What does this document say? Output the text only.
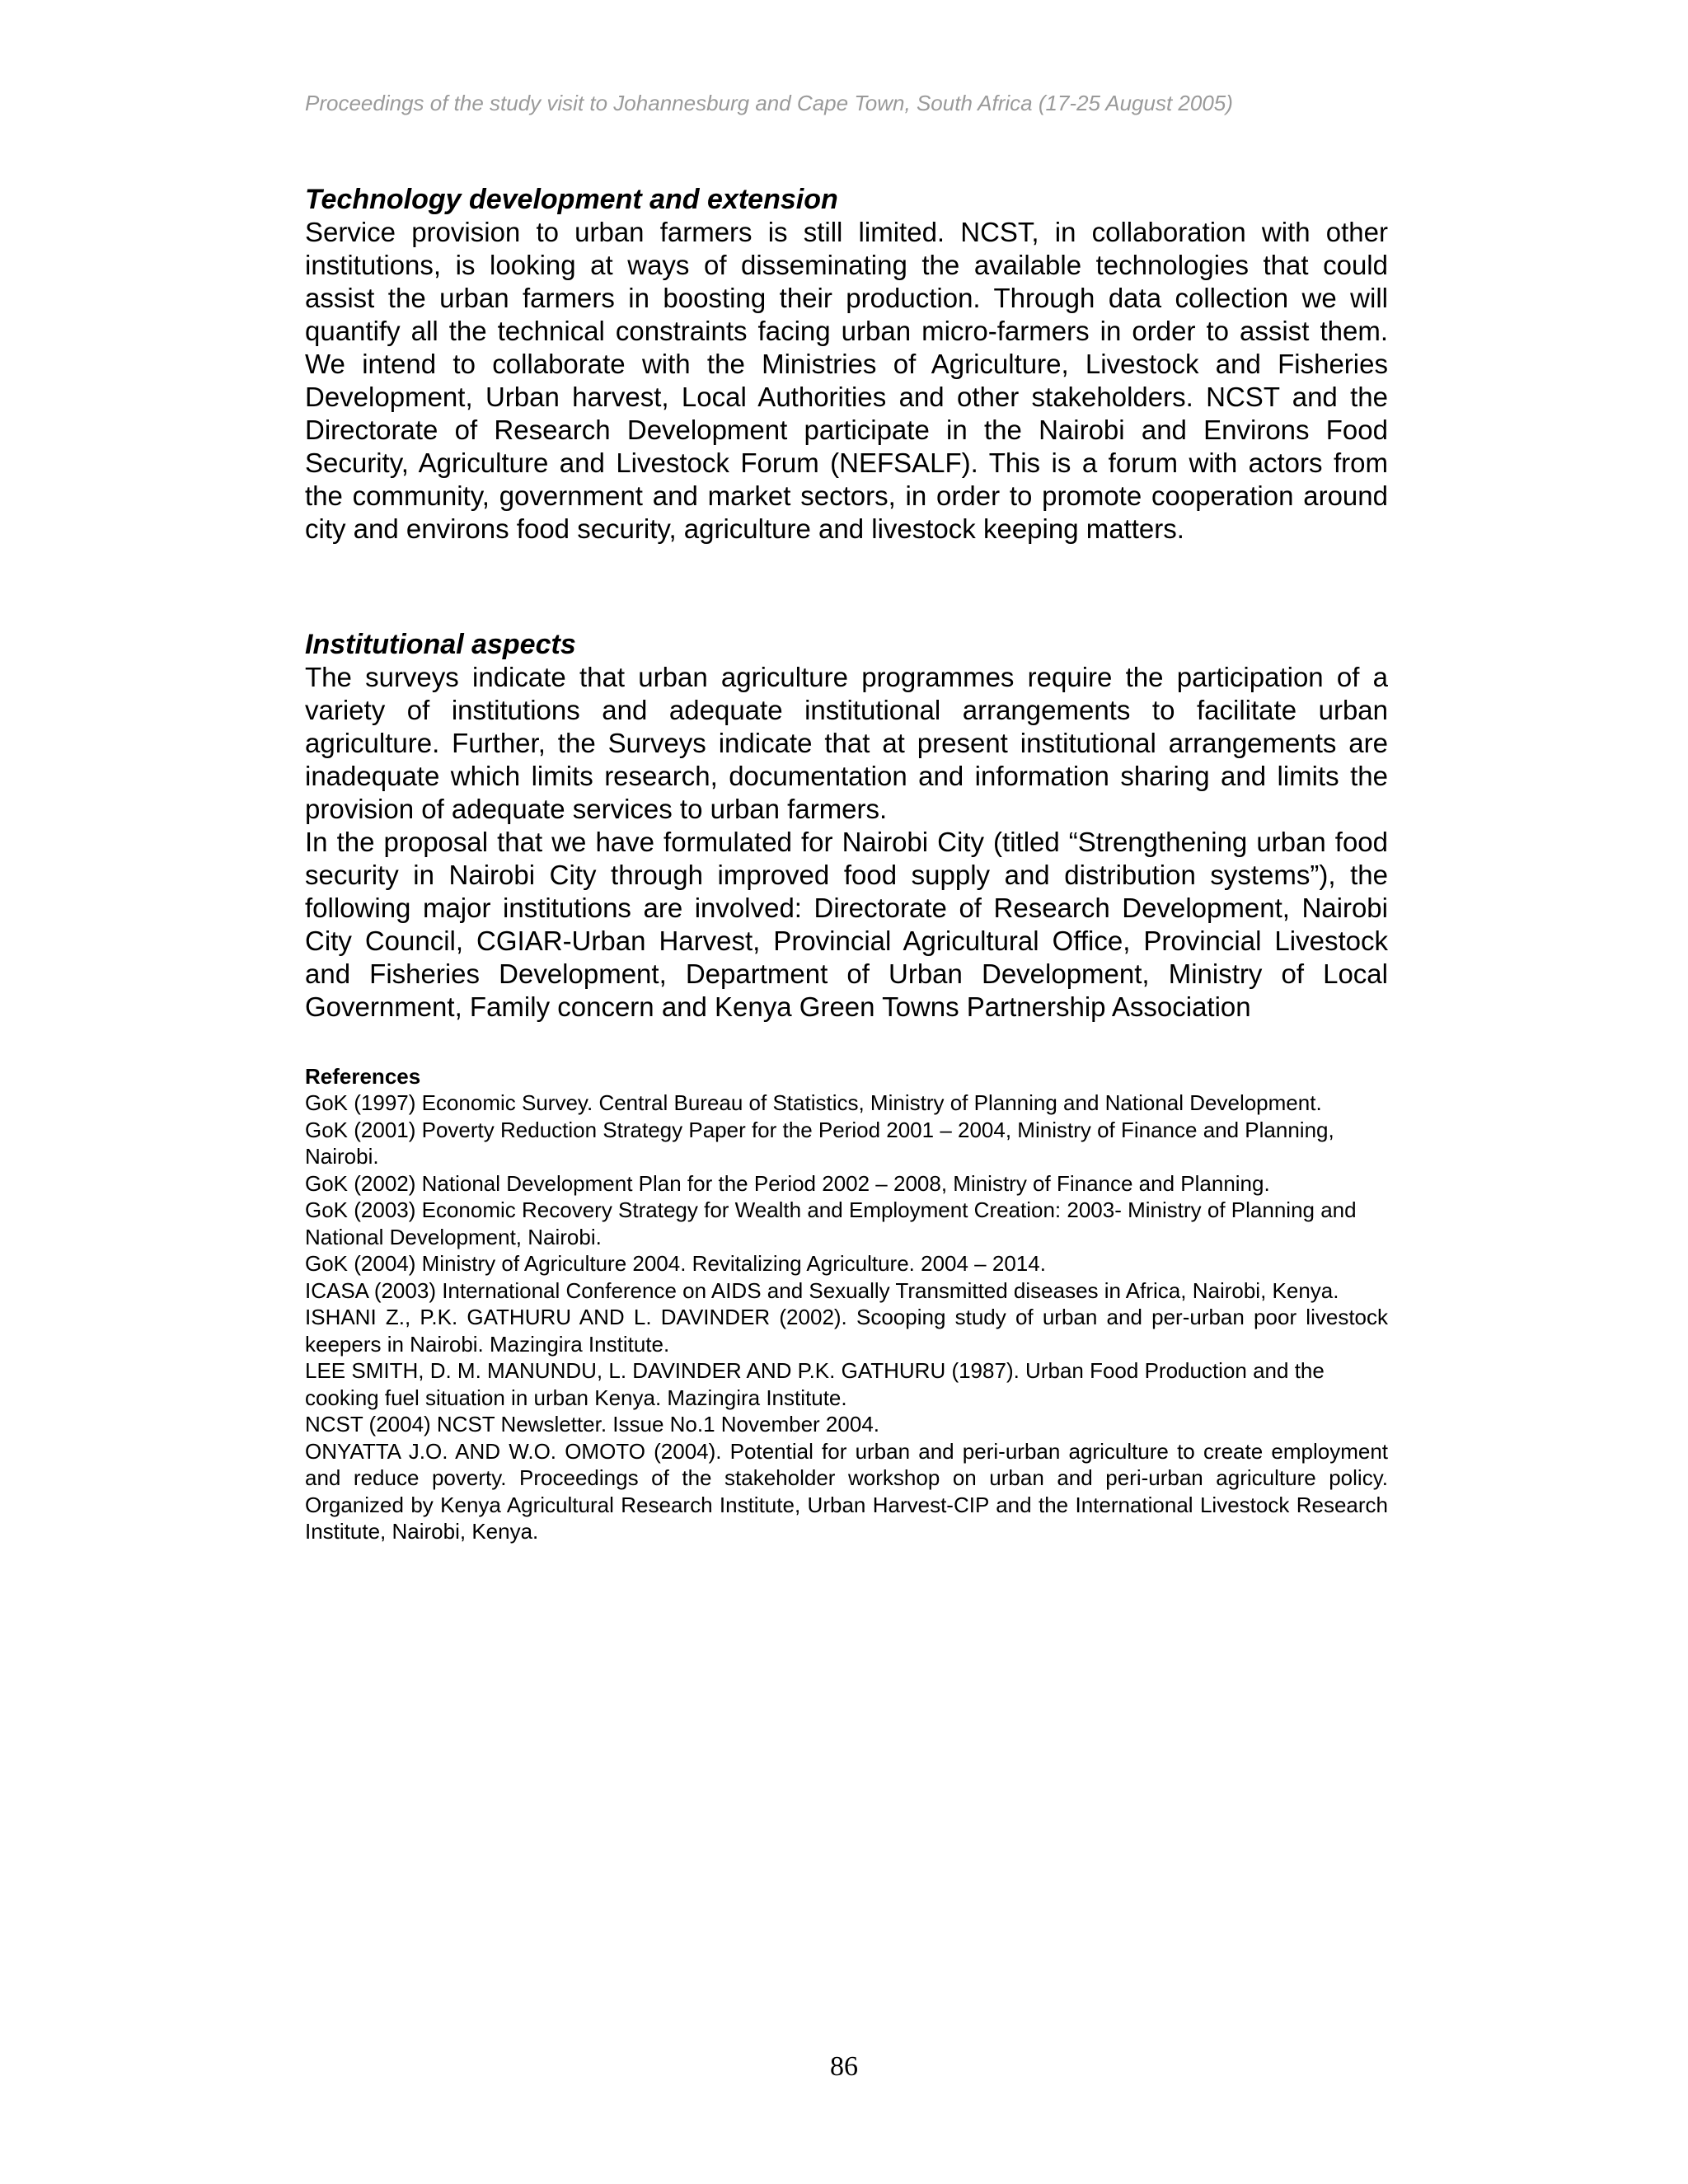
Proceedings of the study visit to Johannesburg and Cape Town, South Africa (17-25 August 2005)
Technology development and extension

Service provision to urban farmers is still limited. NCST, in collaboration with other institutions, is looking at ways of disseminating the available technologies that could assist the urban farmers in boosting their production. Through data collection we will quantify all the technical constraints facing urban micro-farmers in order to assist them. We intend to collaborate with the Ministries of Agriculture, Livestock and Fisheries Development, Urban harvest, Local Authorities and other stakeholders. NCST and the Directorate of Research Development participate in the Nairobi and Environs Food Security, Agriculture and Livestock Forum (NEFSALF). This is a forum with actors from the community, government and market sectors, in order to promote cooperation around city and environs food security, agriculture and livestock keeping matters.

Institutional aspects

The surveys indicate that urban agriculture programmes require the participation of a variety of institutions and adequate institutional arrangements to facilitate urban agriculture. Further, the Surveys indicate that at present institutional arrangements are inadequate which limits research, documentation and information sharing and limits the provision of adequate services to urban farmers.

In the proposal that we have formulated for Nairobi City (titled “Strengthening urban food security in Nairobi City through improved food supply and distribution systems”), the following major institutions are involved: Directorate of Research Development, Nairobi City Council, CGIAR-Urban Harvest, Provincial Agricultural Office, Provincial Livestock and Fisheries Development, Department of Urban Development, Ministry of Local Government, Family concern and Kenya Green Towns Partnership Association

References
GoK (1997) Economic Survey. Central Bureau of Statistics, Ministry of Planning and National Development.
GoK (2001) Poverty Reduction Strategy Paper for the Period 2001 – 2004, Ministry of Finance and Planning, Nairobi.
GoK (2002) National Development Plan for the Period 2002 – 2008, Ministry of Finance and Planning.
GoK (2003) Economic Recovery Strategy for Wealth and Employment Creation: 2003- Ministry of Planning and National Development, Nairobi.
GoK (2004) Ministry of Agriculture 2004. Revitalizing Agriculture. 2004 – 2014.
ICASA (2003) International Conference on AIDS and Sexually Transmitted diseases in Africa, Nairobi, Kenya.
ISHANI Z., P.K. GATHURU AND L. DAVINDER (2002). Scooping study of urban and per-urban poor livestock keepers in Nairobi. Mazingira Institute.
LEE SMITH, D. M. MANUNDU, L. DAVINDER AND P.K. GATHURU (1987). Urban Food Production and the cooking fuel situation in urban Kenya. Mazingira Institute.
NCST (2004) NCST Newsletter. Issue No.1 November 2004.
ONYATTA J.O. AND W.O. OMOTO (2004). Potential for urban and peri-urban agriculture to create employment and reduce poverty. Proceedings of the stakeholder workshop on urban and peri-urban agriculture policy. Organized by Kenya Agricultural Research Institute, Urban Harvest-CIP and the International Livestock Research Institute, Nairobi, Kenya.
86
